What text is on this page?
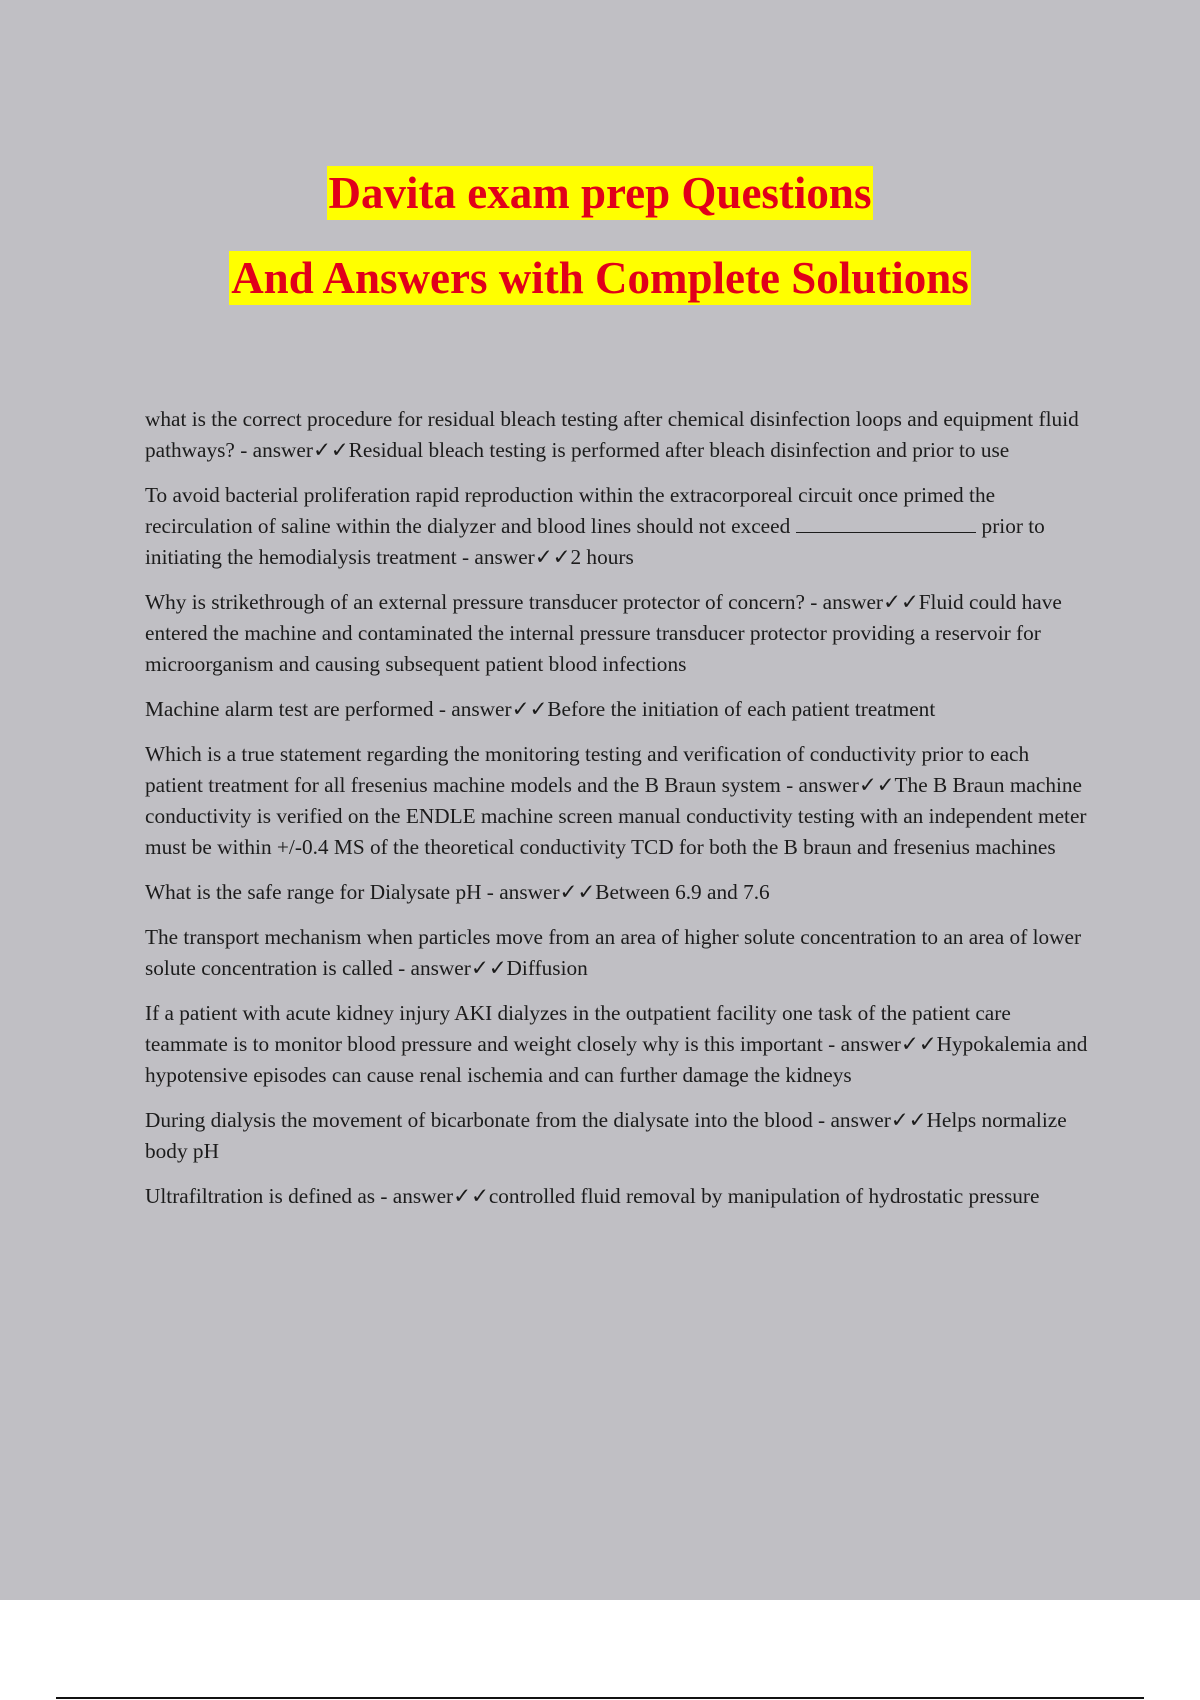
Davita exam prep Questions
And Answers with Complete Solutions

what is the correct procedure for residual bleach testing after chemical disinfection loops and equipment fluid pathways? - answer✓✓Residual bleach testing is performed after bleach disinfection and prior to use

To avoid bacterial proliferation rapid reproduction within the extracorporeal circuit once primed the recirculation of saline within the dialyzer and blood lines should not exceed	prior to initiating the hemodialysis treatment - answer✓✓2 hours

Why is strikethrough of an external pressure transducer protector of concern? - answer✓✓Fluid could have entered the machine and contaminated the internal pressure transducer protector providing a reservoir for microorganism and causing subsequent patient blood infections

Machine alarm test are performed - answer✓✓Before the initiation of each patient treatment

Which is a true statement regarding the monitoring testing and verification of conductivity prior to each patient treatment for all fresenius machine models and the B Braun system - answer✓✓The B Braun machine conductivity is verified on the ENDLE machine screen manual conductivity testing with an independent meter must be within +/-0.4 MS of the theoretical conductivity TCD for both the B braun and fresenius machines

What is the safe range for Dialysate pH - answer✓✓Between 6.9 and 7.6

The transport mechanism when particles move from an area of higher solute concentration to an area of lower solute concentration is called - answer✓✓Diffusion

If a patient with acute kidney injury AKI dialyzes in the outpatient facility one task of the patient care teammate is to monitor blood pressure and weight closely why is this important - answer✓✓Hypokalemia and hypotensive episodes can cause renal ischemia and can further damage the kidneys

During dialysis the movement of bicarbonate from the dialysate into the blood - answer✓✓Helps normalize body pH

Ultrafiltration is defined as - answer✓✓controlled fluid removal by manipulation of hydrostatic pressure
